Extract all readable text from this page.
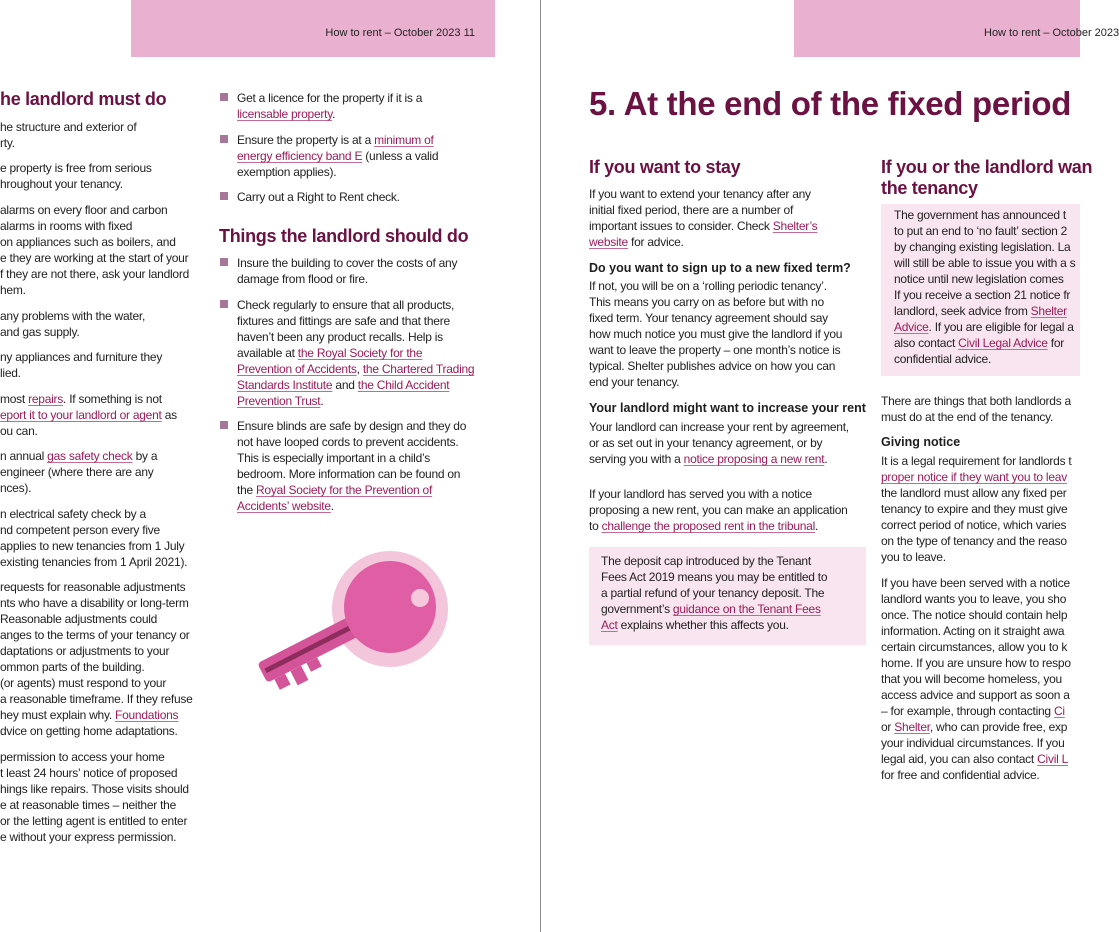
How to rent – October 2023 11	How to rent – October 2023
he landlord must do
he structure and exterior of
rty.
e property is free from serious
hroughout your tenancy.
alarms on every floor and carbon
alarms in rooms with fixed
on appliances such as boilers, and
e they are working at the start of your
f they are not there, ask your landlord
hem.
any problems with the water,
and gas supply.
ny appliances and furniture they
lied.
most repairs. If something is not
eport it to your landlord or agent as
ou can.
n annual gas safety check by a
engineer (where there are any
nces).
n electrical safety check by a
nd competent person every five
applies to new tenancies from 1 July
existing tenancies from 1 April 2021).
requests for reasonable adjustments
nts who have a disability or long-term
Reasonable adjustments could
anges to the terms of your tenancy or
daptations or adjustments to your
ommon parts of the building.
(or agents) must respond to your
a reasonable timeframe. If they refuse
hey must explain why. Foundations
dvice on getting home adaptations.
permission to access your home
t least 24 hours’ notice of proposed
hings like repairs. Those visits should
e at reasonable times – neither the
or the letting agent is entitled to enter
e without your express permission.
Get a licence for the property if it is a
licensable property.
Ensure the property is at a minimum of
energy efficiency band E (unless a valid
exemption applies).
Carry out a Right to Rent check.
Things the landlord should do
Insure the building to cover the costs of any
damage from flood or fire.
Check regularly to ensure that all products,
fixtures and fittings are safe and that there
haven’t been any product recalls. Help is
available at the Royal Society for the
Prevention of Accidents, the Chartered Trading
Standards Institute and the Child Accident
Prevention Trust.
Ensure blinds are safe by design and they do
not have looped cords to prevent accidents.
This is especially important in a child’s
bedroom. More information can be found on
the Royal Society for the Prevention of
Accidents’ website.
5. At the end of the fixed period
If you want to stay
If you want to extend your tenancy after any
initial fixed period, there are a number of
important issues to consider. Check Shelter’s
website for advice.
Do you want to sign up to a new fixed term?
If not, you will be on a ‘rolling periodic tenancy’.
This means you carry on as before but with no
fixed term. Your tenancy agreement should say
how much notice you must give the landlord if you
want to leave the property – one month’s notice is
typical. Shelter publishes advice on how you can
end your tenancy.
Your landlord might want to increase your rent
Your landlord can increase your rent by agreement,
or as set out in your tenancy agreement, or by
serving you with a notice proposing a new rent.
If your landlord has served you with a notice
proposing a new rent, you can make an application
to challenge the proposed rent in the tribunal.
The deposit cap introduced by the Tenant
Fees Act 2019 means you may be entitled to
a partial refund of your tenancy deposit. The
government’s guidance on the Tenant Fees
Act explains whether this affects you.
If you or the landlord wan
the tenancy
The government has announced t
to put an end to ‘no fault’ section 2
by changing existing legislation. La
will still be able to issue you with a s
notice until new legislation comes
If you receive a section 21 notice fr
landlord, seek advice from Shelter
Advice. If you are eligible for legal a
also contact Civil Legal Advice for
confidential advice.
There are things that both landlords a
must do at the end of the tenancy.
Giving notice
It is a legal requirement for landlords t
proper notice if they want you to leav
the landlord must allow any fixed per
tenancy to expire and they must give
correct period of notice, which varies
on the type of tenancy and the reaso
you to leave.
If you have been served with a notice
landlord wants you to leave, you sho
once. The notice should contain help
information. Acting on it straight awa
certain circumstances, allow you to k
home. If you are unsure how to respo
that you will become homeless, you
access advice and support as soon a
– for example, through contacting Ci
or Shelter, who can provide free, exp
your individual circumstances. If you
legal aid, you can also contact Civil L
for free and confidential advice.
